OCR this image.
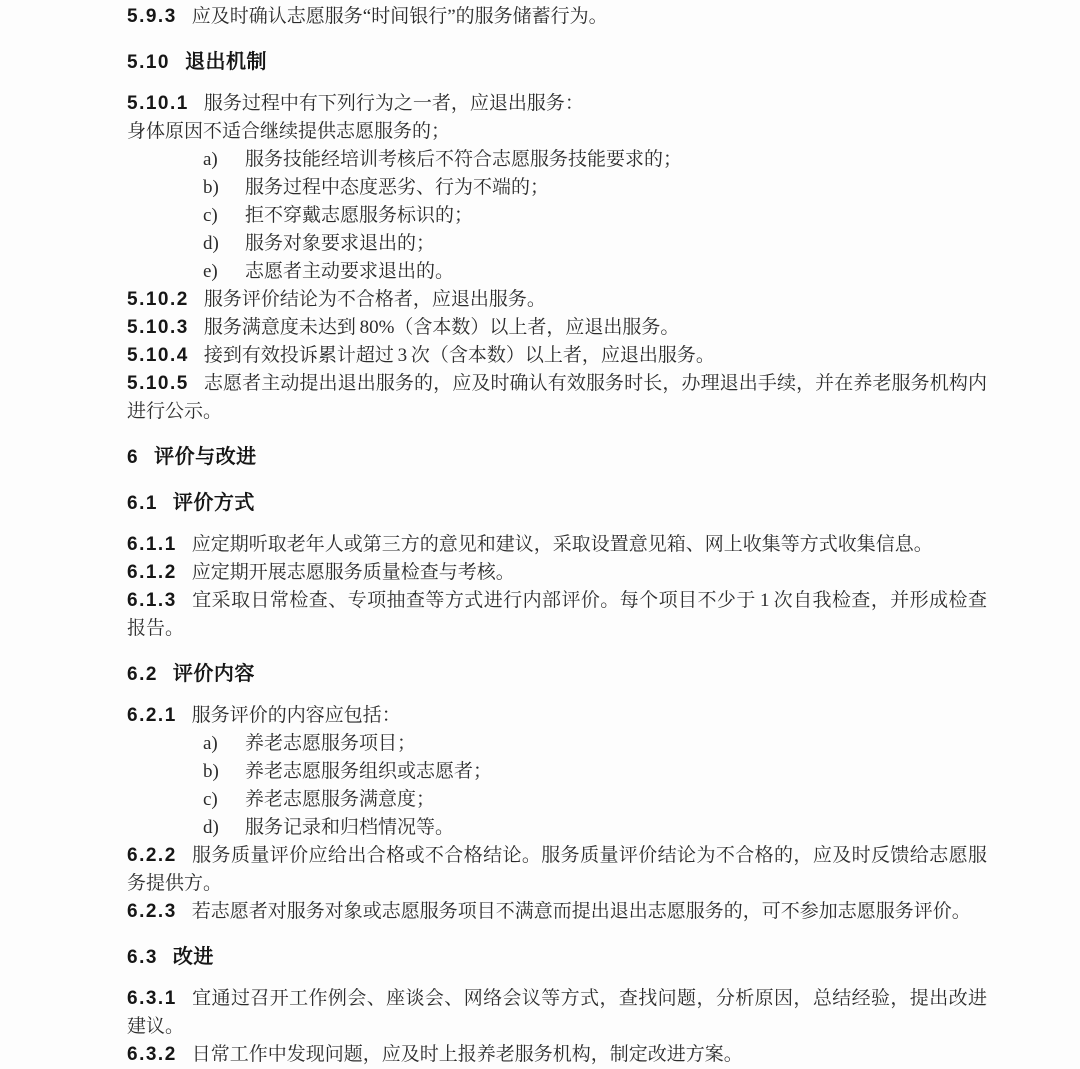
5.9.3 应及时确认志愿服务“时间银行”的服务储蓄行为。

5.10 退出机制

5.10.1 服务过程中有下列行为之一者，应退出服务：

身体原因不适合继续提供志愿服务的；

a) 服务技能经培训考核后不符合志愿服务技能要求的；

b) 服务过程中态度恶劣、行为不端的；

c) 拒不穿戴志愿服务标识的；

d) 服务对象要求退出的；

e) 志愿者主动要求退出的。

5.10.2 服务评价结论为不合格者，应退出服务。

5.10.3 服务满意度未达到 80%（含本数）以上者，应退出服务。

5.10.4 接到有效投诉累计超过 3 次（含本数）以上者，应退出服务。

5.10.5 志愿者主动提出退出服务的，应及时确认有效服务时长，办理退出手续，并在养老服务机构内进行公示。

6 评价与改进
6.1 评价方式

6.1.1 应定期听取老年人或第三方的意见和建议，采取设置意见箱、网上收集等方式收集信息。

6.1.2 应定期开展志愿服务质量检查与考核。

6.1.3 宜采取日常检查、专项抽查等方式进行内部评价。每个项目不少于 1 次自我检查，并形成检查报告。

6.2 评价内容

6.2.1 服务评价的内容应包括：

a) 养老志愿服务项目；

b) 养老志愿服务组织或志愿者；

c) 养老志愿服务满意度；

d) 服务记录和归档情况等。

6.2.2 服务质量评价应给出合格或不合格结论。服务质量评价结论为不合格的，应及时反馈给志愿服务提供方。

6.2.3 若志愿者对服务对象或志愿服务项目不满意而提出退出志愿服务的，可不参加志愿服务评价。

6.3 改进

6.3.1 宜通过召开工作例会、座谈会、网络会议等方式，查找问题，分析原因，总结经验，提出改进建议。

6.3.2 日常工作中发现问题，应及时上报养老服务机构，制定改进方案。
